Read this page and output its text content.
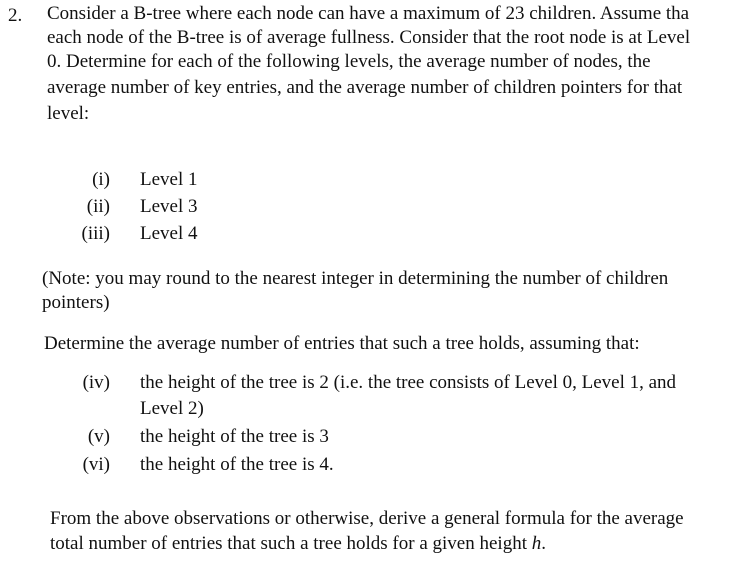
2. Consider a B-tree where each node can have a maximum of 23 children. Assume tha
each node of the B-tree is of average fullness. Consider that the root node is at Level
0. Determine for each of the following levels, the average number of nodes, the
average number of key entries, and the average number of children pointers for that
level:
(i) Level 1
(ii) Level 3
(iii) Level 4
(Note: you may round to the nearest integer in determining the number of children
pointers)
Determine the average number of entries that such a tree holds, assuming that:
(iv) the height of the tree is 2 (i.e. the tree consists of Level 0, Level 1, and
Level 2)
(v) the height of the tree is 3
(vi) the height of the tree is 4.
From the above observations or otherwise, derive a general formula for the average
total number of entries that such a tree holds for a given height h.
